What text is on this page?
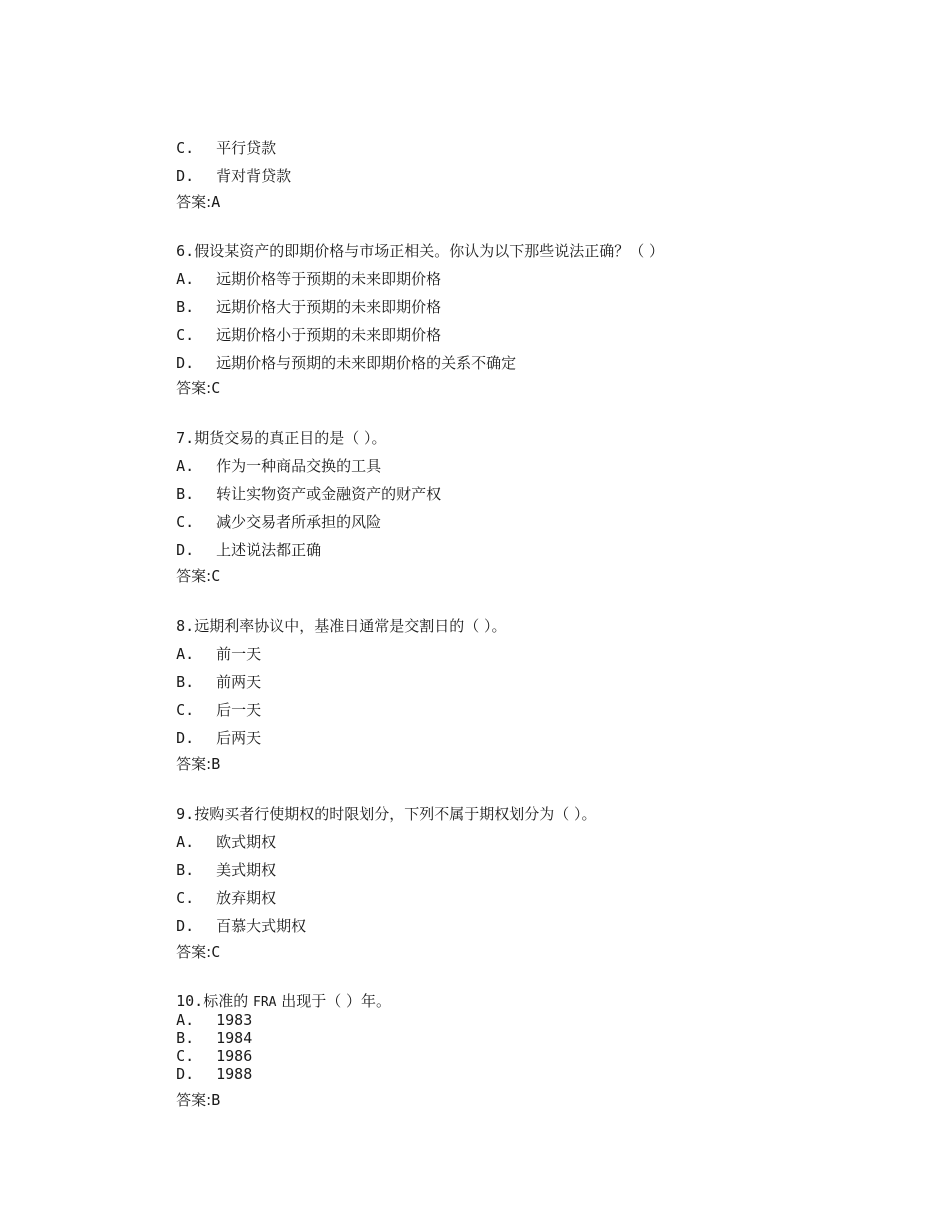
C. 平行贷款

D. 背对背贷款

答案:A

6.假设某资产的即期价格与市场正相关。你认为以下那些说法正确？（ ）

A. 远期价格等于预期的未来即期价格

B. 远期价格大于预期的未来即期价格

C. 远期价格小于预期的未来即期价格

D. 远期价格与预期的未来即期价格的关系不确定

答案:C

7.期货交易的真正目的是（ ）。

A. 作为一种商品交换的工具

B. 转让实物资产或金融资产的财产权

C. 减少交易者所承担的风险

D. 上述说法都正确

答案:C

8.远期利率协议中，基准日通常是交割日的（ ）。

A. 前一天

B. 前两天

C. 后一天

D. 后两天

答案:B

9.按购买者行使期权的时限划分，下列不属于期权划分为（ ）。

A. 欧式期权

B. 美式期权

C. 放弃期权

D. 百慕大式期权

答案:C

10.标准的 FRA 出现于（ ）年。

A. 1983

B. 1984

C. 1986

D. 1988

答案:B
